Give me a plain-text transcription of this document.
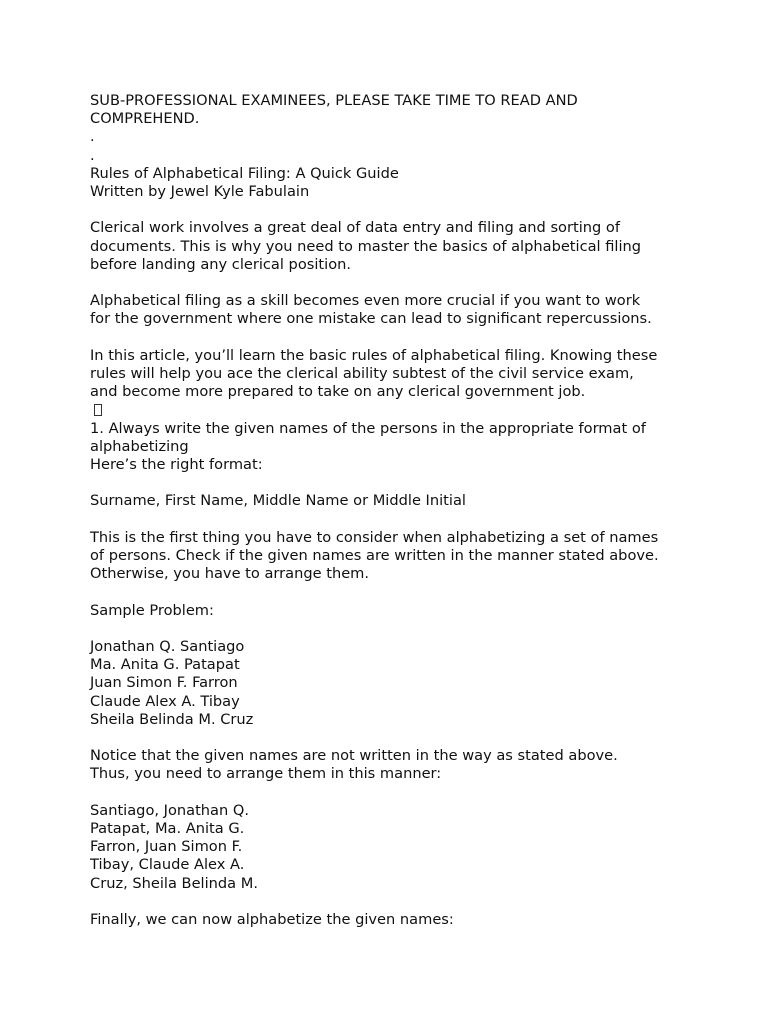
SUB-PROFESSIONAL EXAMINEES, PLEASE TAKE TIME TO READ AND
COMPREHEND.
.
.
Rules of Alphabetical Filing: A Quick Guide
Written by Jewel Kyle Fabulain
Clerical work involves a great deal of data entry and filing and sorting of
documents. This is why you need to master the basics of alphabetical filing
before landing any clerical position.
Alphabetical filing as a skill becomes even more crucial if you want to work
for the government where one mistake can lead to significant repercussions.
In this article, you’ll learn the basic rules of alphabetical filing. Knowing these
rules will help you ace the clerical ability subtest of the civil service exam,
and become more prepared to take on any clerical government job.
1. Always write the given names of the persons in the appropriate format of
alphabetizing
Here’s the right format:
Surname, First Name, Middle Name or Middle Initial
This is the first thing you have to consider when alphabetizing a set of names
of persons. Check if the given names are written in the manner stated above.
Otherwise, you have to arrange them.
Sample Problem:
Jonathan Q. Santiago
Ma. Anita G. Patapat
Juan Simon F. Farron
Claude Alex A. Tibay
Sheila Belinda M. Cruz
Notice that the given names are not written in the way as stated above.
Thus, you need to arrange them in this manner:
Santiago, Jonathan Q.
Patapat, Ma. Anita G.
Farron, Juan Simon F.
Tibay, Claude Alex A.
Cruz, Sheila Belinda M.
Finally, we can now alphabetize the given names:
